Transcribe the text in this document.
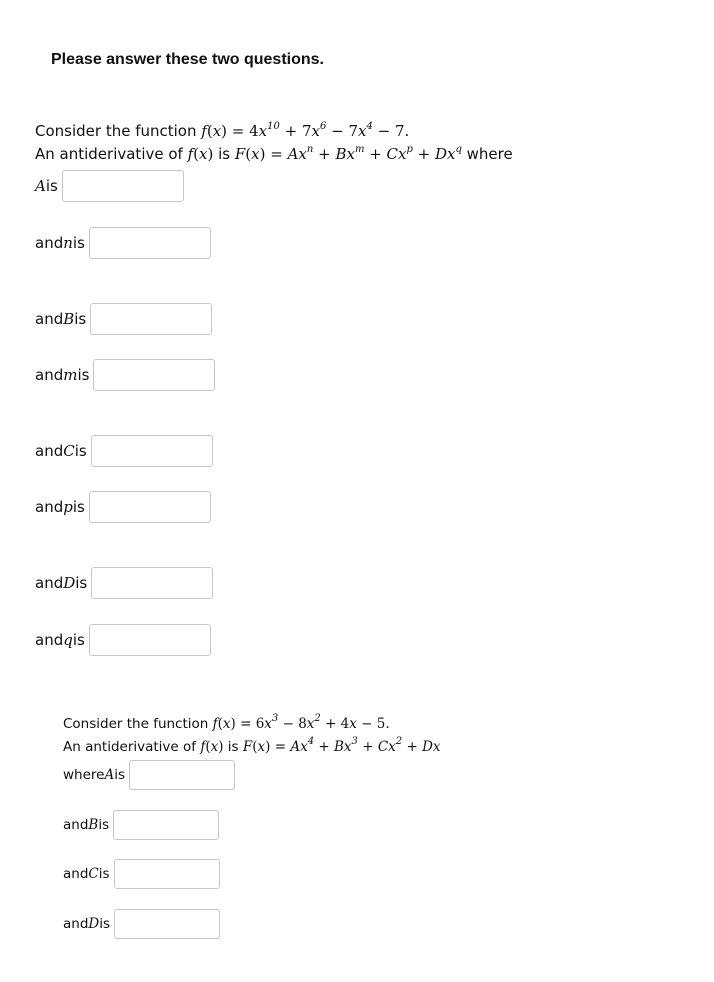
Please answer these two questions.
Consider the function $f(x) = 4x^{10} + 7x^6 - 7x^4 - 7$.
An antiderivative of f(x) is $F(x) = Ax^n + Bx^m + Cx^p + Dx^q$ where
A is
and n is
and B is
and m is
and C is
and p is
and D is
and q is
Consider the function $f(x) = 6x^3 - 8x^2 + 4x - 5$.
An antiderivative of f(x) is $F(x) = Ax^4 + Bx^3 + Cx^2 + Dx$
where A is
and B is
and C is
and D is
